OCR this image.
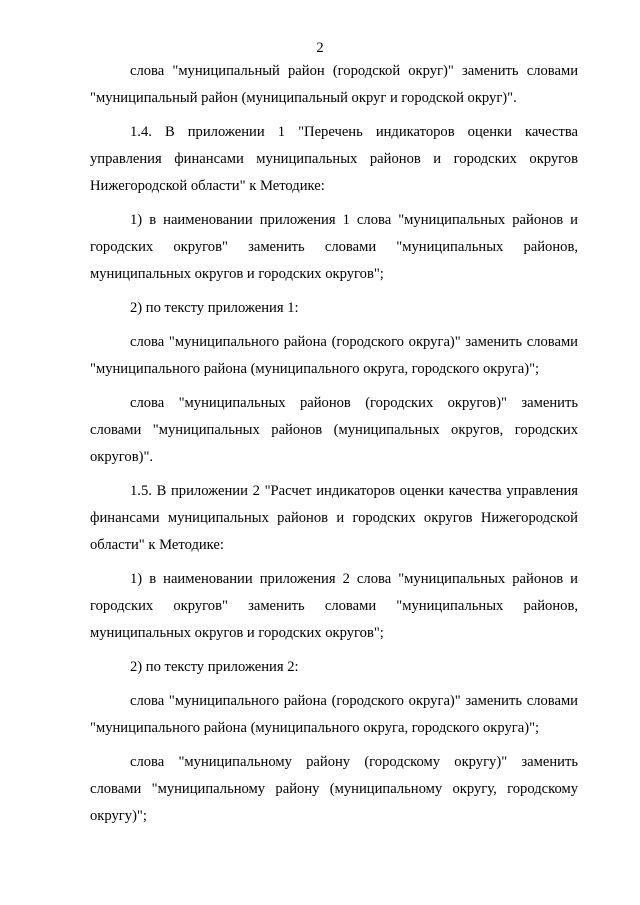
2

слова "муниципальный район (городской округ)" заменить словами "муниципальный район (муниципальный округ и городской округ)".

1.4. В приложении 1 "Перечень индикаторов оценки качества управления финансами муниципальных районов и городских округов Нижегородской области" к Методике:

1) в наименовании приложения 1 слова "муниципальных районов и городских округов" заменить словами "муниципальных районов, муниципальных округов и городских округов";

2) по тексту приложения 1:

слова "муниципального района (городского округа)" заменить словами "муниципального района (муниципального округа, городского округа)";

слова "муниципальных районов (городских округов)" заменить словами "муниципальных районов (муниципальных округов, городских округов)".

1.5. В приложении 2 "Расчет индикаторов оценки качества управления финансами муниципальных районов и городских округов Нижегородской области" к Методике:

1) в наименовании приложения 2 слова "муниципальных районов и городских округов" заменить словами "муниципальных районов, муниципальных округов и городских округов";

2) по тексту приложения 2:

слова "муниципального района (городского округа)" заменить словами "муниципального района (муниципального округа, городского округа)";

слова "муниципальному району (городскому округу)" заменить словами "муниципальному району (муниципальному округу, городскому округу)";
